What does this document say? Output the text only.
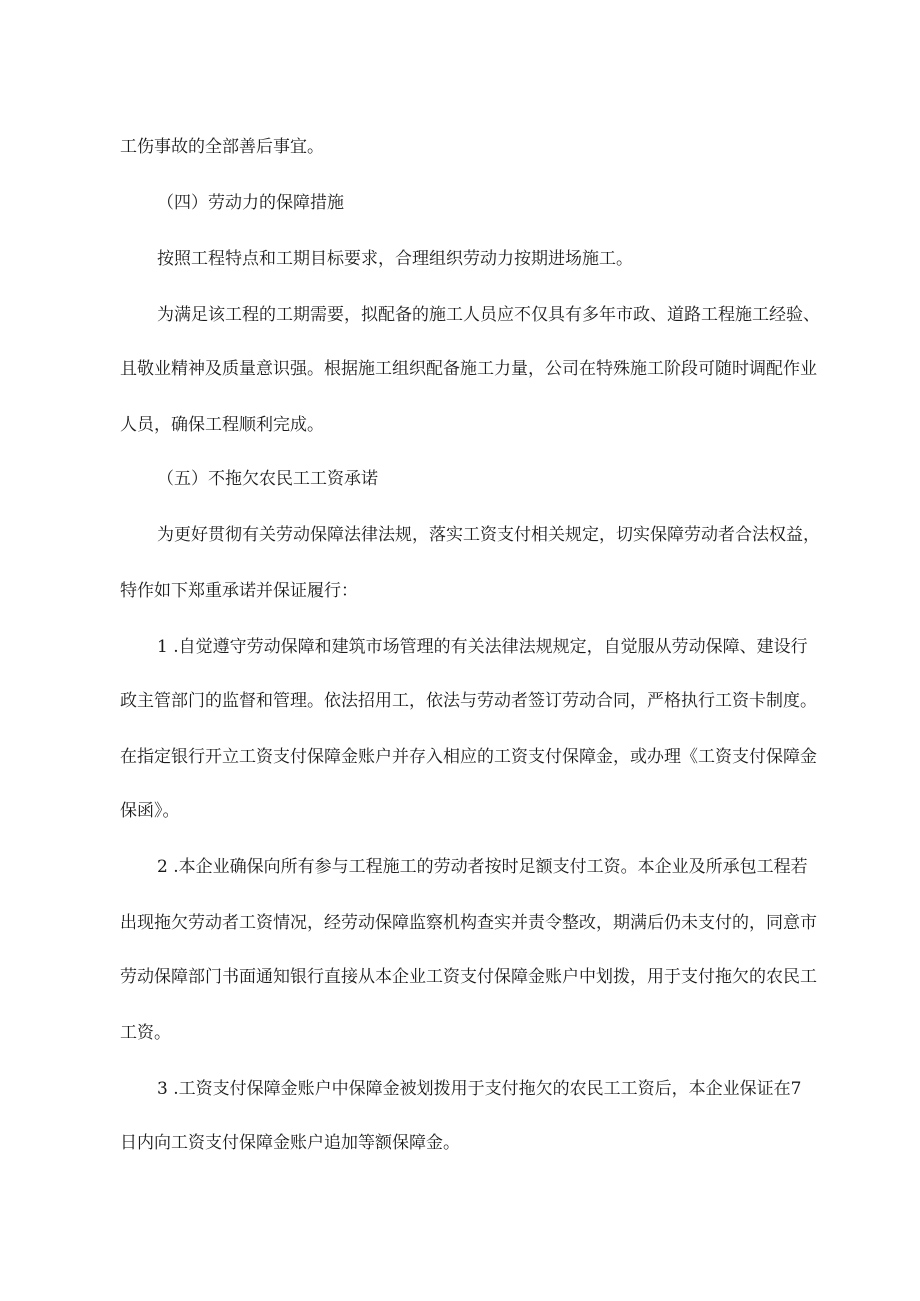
工伤事故的全部善后事宜。
（四）劳动力的保障措施
按照工程特点和工期目标要求，合理组织劳动力按期进场施工。
为满足该工程的工期需要，拟配备的施工人员应不仅具有多年市政、道路工程施工经验、
且敬业精神及质量意识强。根据施工组织配备施工力量，公司在特殊施工阶段可随时调配作业
人员，确保工程顺利完成。
（五）不拖欠农民工工资承诺
为更好贯彻有关劳动保障法律法规，落实工资支付相关规定，切实保障劳动者合法权益，
特作如下郑重承诺并保证履行：
1 .自觉遵守劳动保障和建筑市场管理的有关法律法规规定，自觉服从劳动保障、建设行
政主管部门的监督和管理。依法招用工，依法与劳动者签订劳动合同，严格执行工资卡制度。
在指定银行开立工资支付保障金账户并存入相应的工资支付保障金，或办理《工资支付保障金
保函》。
2 .本企业确保向所有参与工程施工的劳动者按时足额支付工资。本企业及所承包工程若
出现拖欠劳动者工资情况，经劳动保障监察机构查实并责令整改，期满后仍未支付的，同意市
劳动保障部门书面通知银行直接从本企业工资支付保障金账户中划拨，用于支付拖欠的农民工
工资。
3 .工资支付保障金账户中保障金被划拨用于支付拖欠的农民工工资后，本企业保证在7
日内向工资支付保障金账户追加等额保障金。
